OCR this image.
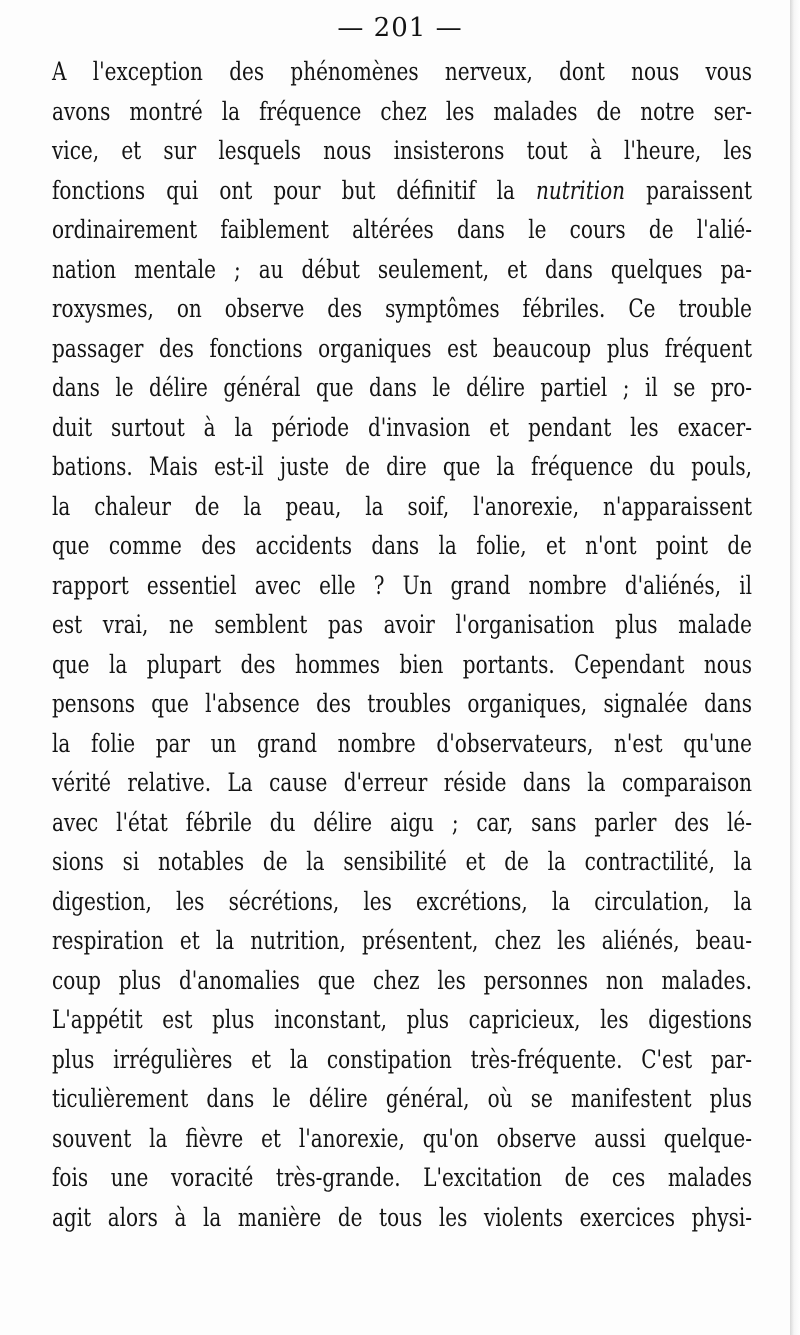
— 201 —
A l'exception des phénomènes nerveux, dont nous vous
avons montré la fréquence chez les malades de notre ser-
vice, et sur lesquels nous insisterons tout à l'heure, les
fonctions qui ont pour but définitif la nutrition paraissent
ordinairement faiblement altérées dans le cours de l'alié-
nation mentale ; au début seulement, et dans quelques pa-
roxysmes, on observe des symptômes fébriles. Ce trouble
passager des fonctions organiques est beaucoup plus fréquent
dans le délire général que dans le délire partiel ; il se pro-
duit surtout à la période d'invasion et pendant les exacer-
bations. Mais est-il juste de dire que la fréquence du pouls,
la chaleur de la peau, la soif, l'anorexie, n'apparaissent
que comme des accidents dans la folie, et n'ont point de
rapport essentiel avec elle ? Un grand nombre d'aliénés, il
est vrai, ne semblent pas avoir l'organisation plus malade
que la plupart des hommes bien portants. Cependant nous
pensons que l'absence des troubles organiques, signalée dans
la folie par un grand nombre d'observateurs, n'est qu'une
vérité relative. La cause d'erreur réside dans la comparaison
avec l'état fébrile du délire aigu ; car, sans parler des lé-
sions si notables de la sensibilité et de la contractilité, la
digestion, les sécrétions, les excrétions, la circulation, la
respiration et la nutrition, présentent, chez les aliénés, beau-
coup plus d'anomalies que chez les personnes non malades.
L'appétit est plus inconstant, plus capricieux, les digestions
plus irrégulières et la constipation très-fréquente. C'est par-
ticulièrement dans le délire général, où se manifestent plus
souvent la fièvre et l'anorexie, qu'on observe aussi quelque-
fois une voracité très-grande. L'excitation de ces malades
agit alors à la manière de tous les violents exercices physi-
